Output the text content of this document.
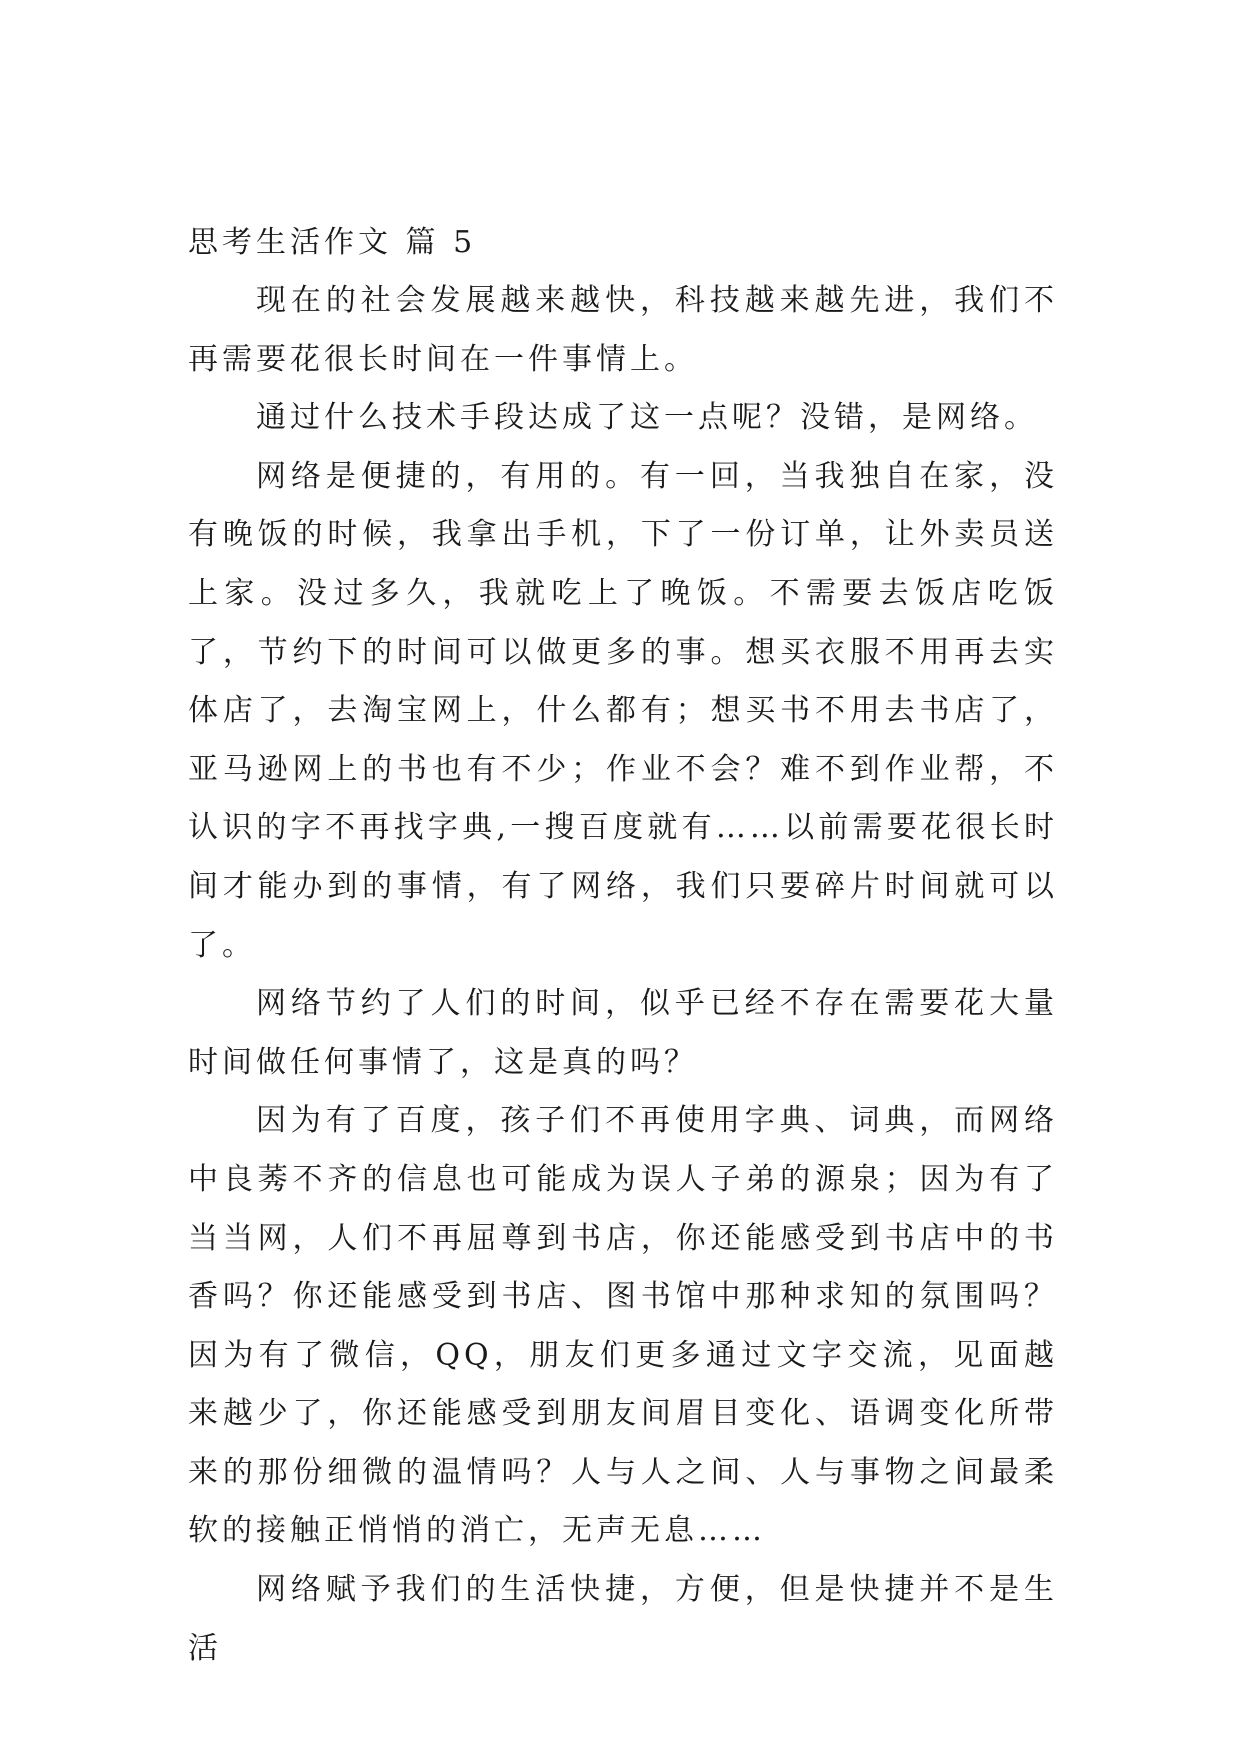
思考生活作文 篇 5

现在的社会发展越来越快，科技越来越先进，我们不再需要花很长时间在一件事情上。

通过什么技术手段达成了这一点呢？没错，是网络。

网络是便捷的，有用的。有一回，当我独自在家，没有晚饭的时候，我拿出手机，下了一份订单，让外卖员送上家。没过多久，我就吃上了晚饭。不需要去饭店吃饭了，节约下的时间可以做更多的事。想买衣服不用再去实体店了，去淘宝网上，什么都有；想买书不用去书店了，亚马逊网上的书也有不少；作业不会？难不到作业帮，不认识的字不再找字典,一搜百度就有……以前需要花很长时间才能办到的事情，有了网络，我们只要碎片时间就可以了。

网络节约了人们的时间，似乎已经不存在需要花大量时间做任何事情了，这是真的吗？

因为有了百度，孩子们不再使用字典、词典，而网络中良莠不齐的信息也可能成为误人子弟的源泉；因为有了当当网，人们不再屈尊到书店，你还能感受到书店中的书香吗？你还能感受到书店、图书馆中那种求知的氛围吗？因为有了微信，QQ，朋友们更多通过文字交流，见面越来越少了，你还能感受到朋友间眉目变化、语调变化所带来的那份细微的温情吗？人与人之间、人与事物之间最柔软的接触正悄悄的消亡，无声无息……

网络赋予我们的生活快捷，方便，但是快捷并不是生活
